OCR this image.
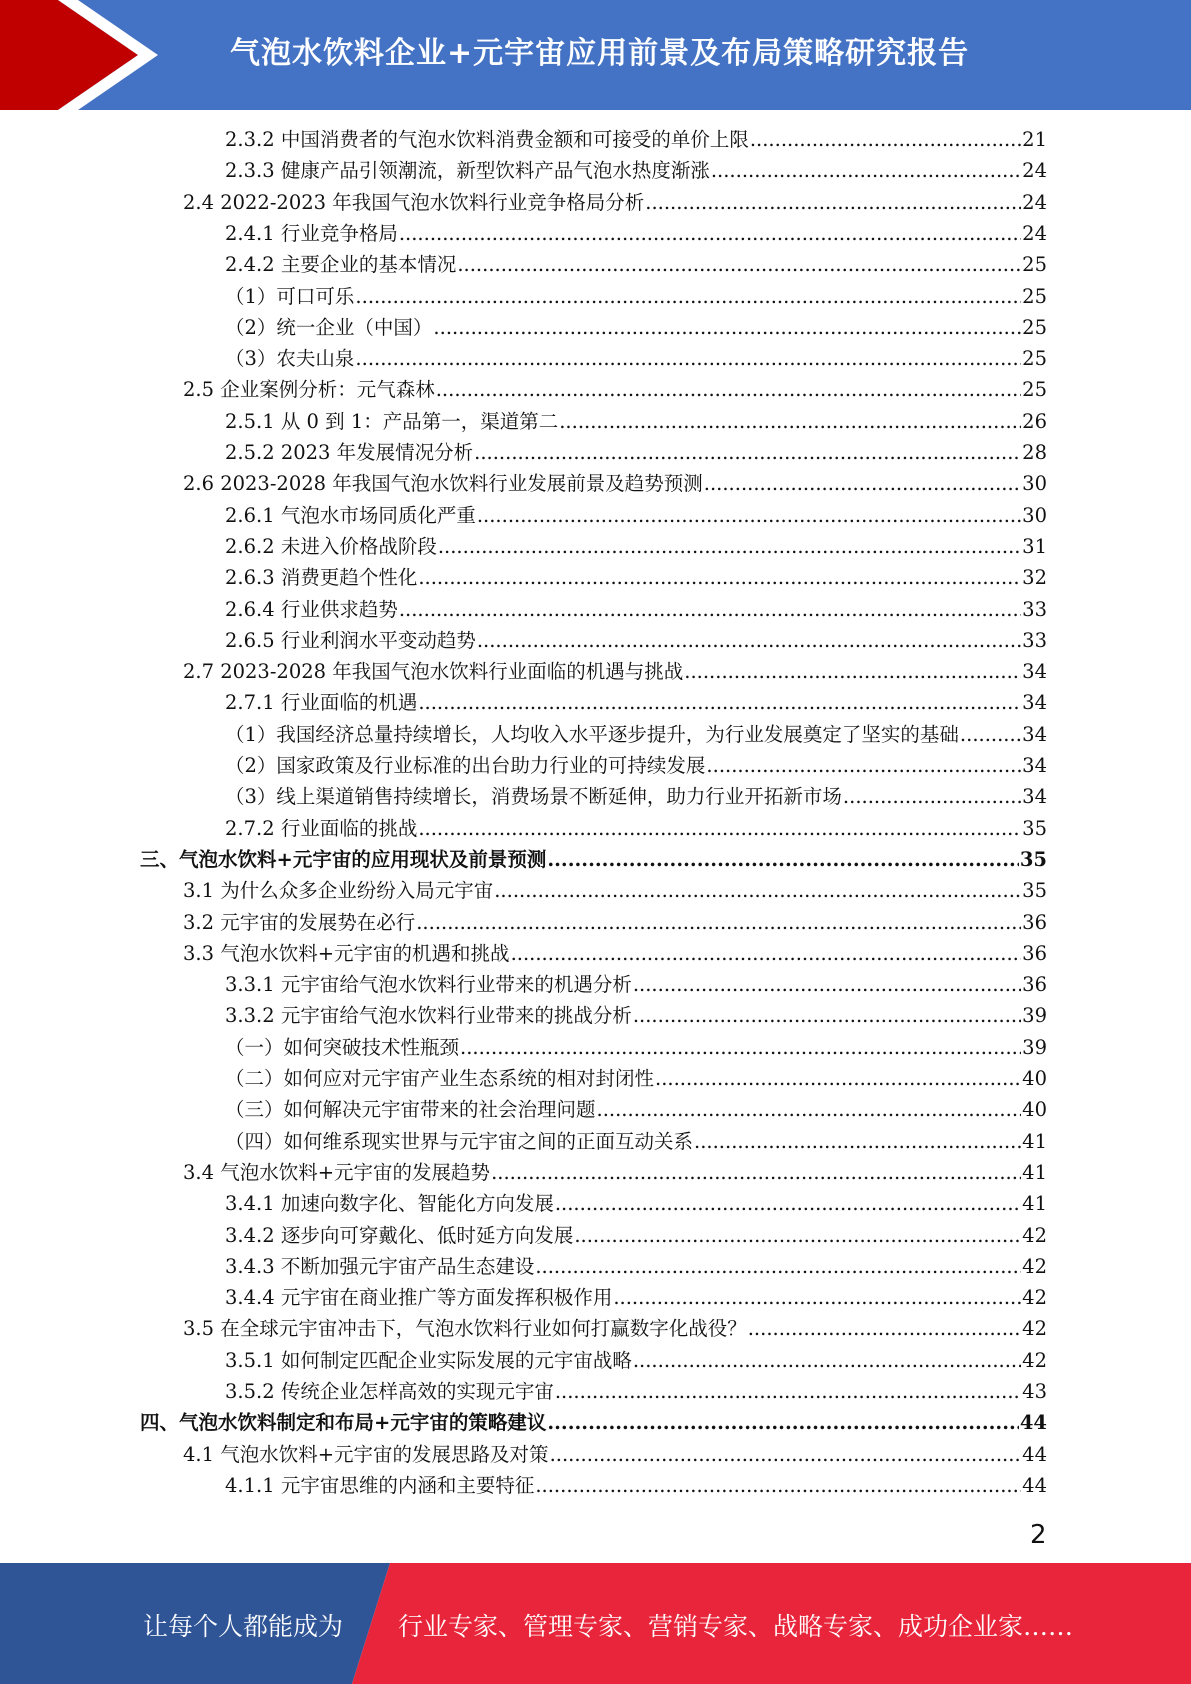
气泡水饮料企业+元宇宙应用前景及布局策略研究报告
2.3.2 中国消费者的气泡水饮料消费金额和可接受的单价上限 .....	21
2.3.3 健康产品引领潮流，新型饮料产品气泡水热度渐涨 .....	24
2.4 2022-2023 年我国气泡水饮料行业竞争格局分析 .....	24
2.4.1 行业竞争格局 .....	24
2.4.2 主要企业的基本情况 .....	25
（1）可口可乐 .....	25
（2）统一企业（中国） .....	25
（3）农夫山泉 .....	25
2.5 企业案例分析：元气森林 .....	25
2.5.1 从 0 到 1：产品第一，渠道第二 .....	26
2.5.2 2023 年发展情况分析 .....	28
2.6 2023-2028 年我国气泡水饮料行业发展前景及趋势预测 .....	30
2.6.1 气泡水市场同质化严重 .....	30
2.6.2 未进入价格战阶段 .....	31
2.6.3 消费更趋个性化 .....	32
2.6.4 行业供求趋势 .....	33
2.6.5 行业利润水平变动趋势 .....	33
2.7 2023-2028 年我国气泡水饮料行业面临的机遇与挑战 .....	34
2.7.1 行业面临的机遇 .....	34
（1）我国经济总量持续增长，人均收入水平逐步提升，为行业发展奠定了坚实的基础 .....	34
（2）国家政策及行业标准的出台助力行业的可持续发展 .....	34
（3）线上渠道销售持续增长，消费场景不断延伸，助力行业开拓新市场 .....	34
2.7.2 行业面临的挑战 .....	35
三、气泡水饮料+元宇宙的应用现状及前景预测 .....	35
3.1 为什么众多企业纷纷入局元宇宙 .....	35
3.2 元宇宙的发展势在必行 .....	36
3.3 气泡水饮料+元宇宙的机遇和挑战 .....	36
3.3.1 元宇宙给气泡水饮料行业带来的机遇分析 .....	36
3.3.2 元宇宙给气泡水饮料行业带来的挑战分析 .....	39
（一）如何突破技术性瓶颈 .....	39
（二）如何应对元宇宙产业生态系统的相对封闭性 .....	40
（三）如何解决元宇宙带来的社会治理问题 .....	40
（四）如何维系现实世界与元宇宙之间的正面互动关系 .....	41
3.4 气泡水饮料+元宇宙的发展趋势 .....	41
3.4.1 加速向数字化、智能化方向发展 .....	41
3.4.2 逐步向可穿戴化、低时延方向发展 .....	42
3.4.3 不断加强元宇宙产品生态建设 .....	42
3.4.4 元宇宙在商业推广等方面发挥积极作用 .....	42
3.5 在全球元宇宙冲击下，气泡水饮料行业如何打赢数字化战役？ .....	42
3.5.1 如何制定匹配企业实际发展的元宇宙战略 .....	42
3.5.2 传统企业怎样高效的实现元宇宙 .....	43
四、气泡水饮料制定和布局+元宇宙的策略建议 .....	44
4.1 气泡水饮料+元宇宙的发展思路及对策 .....	44
4.1.1 元宇宙思维的内涵和主要特征 .....	44
2
让每个人都能成为 行业专家、管理专家、营销专家、战略专家、成功企业家……
